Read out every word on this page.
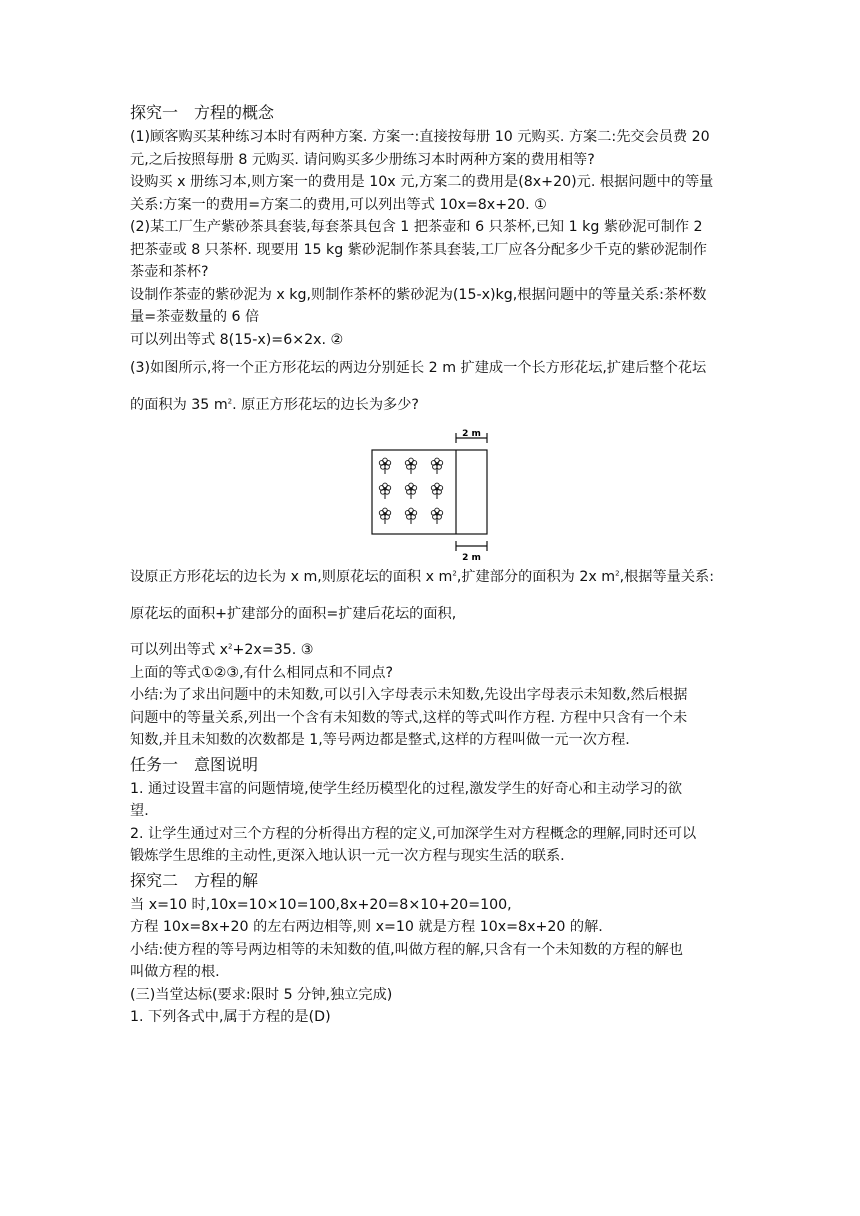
探究一　方程的概念
(1)顾客购买某种练习本时有两种方案. 方案一:直接按每册 10 元购买. 方案二:先交会员费 20
元,之后按照每册 8 元购买. 请问购买多少册练习本时两种方案的费用相等?
设购买 x 册练习本,则方案一的费用是 10x 元,方案二的费用是(8x+20)元. 根据问题中的等量
关系:方案一的费用=方案二的费用,可以列出等式 10x=8x+20. ①
(2)某工厂生产紫砂茶具套装,每套茶具包含 1 把茶壶和 6 只茶杯,已知 1 kg 紫砂泥可制作 2
把茶壶或 8 只茶杯. 现要用 15 kg 紫砂泥制作茶具套装,工厂应各分配多少千克的紫砂泥制作
茶壶和茶杯?
设制作茶壶的紫砂泥为 x kg,则制作茶杯的紫砂泥为(15-x)kg,根据问题中的等量关系:茶杯数
量=茶壶数量的 6 倍
可以列出等式 8(15-x)=6×2x. ②
(3)如图所示,将一个正方形花坛的两边分别延长 2 m 扩建成一个长方形花坛,扩建后整个花坛
的面积为 35 $m^2$. 原正方形花坛的边长为多少?
2 m
2 m
设原正方形花坛的边长为 x m,则原花坛的面积 x $m^2$,扩建部分的面积为 2x $m^2$,根据等量关系:
原花坛的面积+扩建部分的面积=扩建后花坛的面积,
可以列出等式 $x^2+2x=35$. ③
上面的等式①②③,有什么相同点和不同点?
小结:为了求出问题中的未知数,可以引入字母表示未知数,先设出字母表示未知数,然后根据
问题中的等量关系,列出一个含有未知数的等式,这样的等式叫作方程. 方程中只含有一个未
知数,并且未知数的次数都是 1,等号两边都是整式,这样的方程叫做一元一次方程.
任务一　意图说明
1. 通过设置丰富的问题情境,使学生经历模型化的过程,激发学生的好奇心和主动学习的欲
望.
2. 让学生通过对三个方程的分析得出方程的定义,可加深学生对方程概念的理解,同时还可以
锻炼学生思维的主动性,更深入地认识一元一次方程与现实生活的联系.
探究二　方程的解
当 x=10 时,10x=10×10=100,8x+20=8×10+20=100,
方程 10x=8x+20 的左右两边相等,则 x=10 就是方程 10x=8x+20 的解.
小结:使方程的等号两边相等的未知数的值,叫做方程的解,只含有一个未知数的方程的解也
叫做方程的根.
(三)当堂达标(要求:限时 5 分钟,独立完成)
1. 下列各式中,属于方程的是(D)
